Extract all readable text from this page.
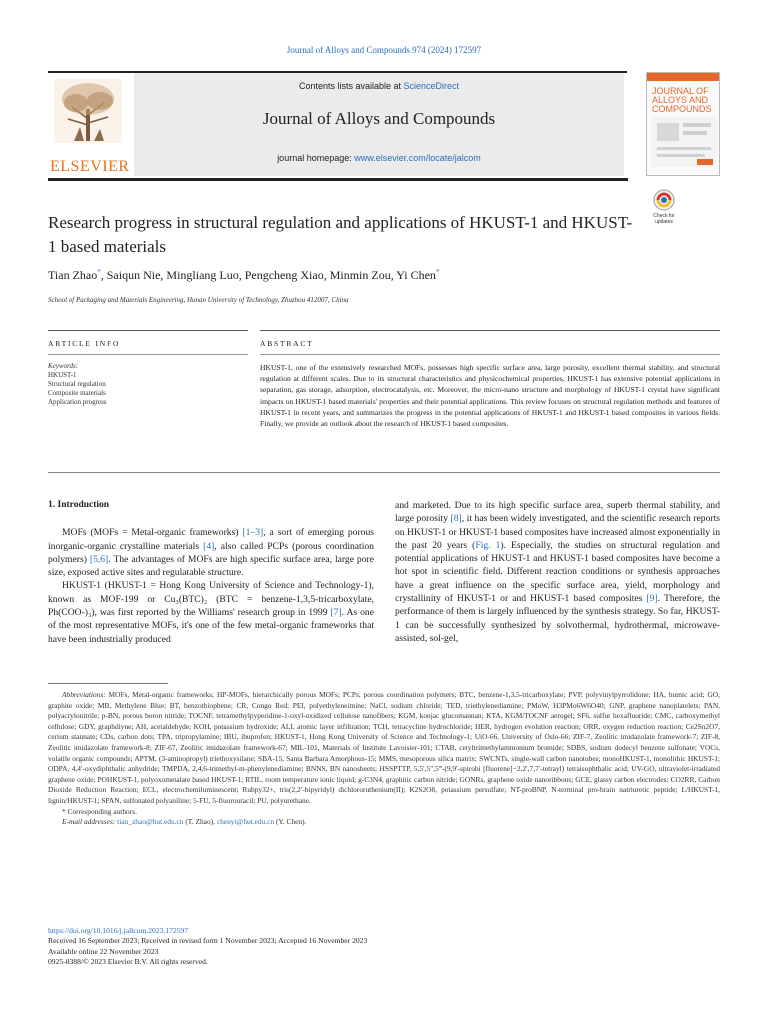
Journal of Alloys and Compounds 974 (2024) 172597
ELSEVIER
Contents lists available at ScienceDirect
Journal of Alloys and Compounds
journal homepage: www.elsevier.com/locate/jalcom
JOURNAL OF ALLOYS AND COMPOUNDS
Check for updates
Research progress in structural regulation and applications of HKUST-1 and HKUST-1 based materials
Tian Zhao*, Saiqun Nie, Mingliang Luo, Pengcheng Xiao, Minmin Zou, Yi Chen*
School of Packaging and Materials Engineering, Hunan University of Technology, Zhuzhou 412007, China
ARTICLE INFO	ABSTRACT
Keywords:
HKUST-1
Structural regulation
Composite materials
Application progress
HKUST-1, one of the extensively researched MOFs, possesses high specific surface area, large porosity, excellent thermal stability, and structural regulation at different scales. Due to its structural characteristics and physicochemical properties, HKUST-1 has extensive potential applications in separation, gas storage, adsorption, electrocatalysis, etc. Moreover, the micro-nano structure and morphology of HKUST-1 crystal have significant impacts on HKUST-1 based materials' properties and their potential applications. This review focuses on structural regulation methods and features of HKUST-1 in recent years, and summarizes the progress in the potential applications of HKUST-1 and HKUST-1 based composites in various fields. Finally, we provide an outlook about the research of HKUST-1 based composites.
1. Introduction

MOFs (MOFs = Metal-organic frameworks) [1–3], a sort of emerging porous inorganic-organic crystalline materials [4], also called PCPs (porous coordination polymers) [5,6]. The advantages of MOFs are high specific surface area, large pore size, exposed active sites and regulatable structure.

HKUST-1 (HKUST-1 = Hong Kong University of Science and Technology-1), known as MOF-199 or Cu₃(BTC)₂ (BTC = benzene-1,3,5-tricarboxylate, Ph(COO-)₃), was first reported by the Williams' research group in 1999 [7]. As one of the most representative MOFs, it's one of the few metal-organic frameworks that have been industrially produced

and marketed. Due to its high specific surface area, superb thermal stability, and large porosity [8], it has been widely investigated, and the scientific research reports on HKUST-1 or HKUST-1 based composites have increased almost exponentially in the past 20 years (Fig. 1). Especially, the studies on structural regulation and potential applications of HKUST-1 and HKUST-1 based composites have become a hot spot in scientific field. Different reaction conditions or synthesis approaches have a great influence on the specific surface area, yield, morphology and crystallinity of HKUST-1 or and HKUST-1 based composites [9]. Therefore, the performance of them is largely influenced by the synthesis strategy. So far, HKUST-1 can be successfully synthesized by solvothermal, hydrothermal, microwave-assisted, sol-gel,

Abbreviations: MOFs, Metal-organic frameworks; HP-MOFs, hierarchically porous MOFs; PCPs, porous coordination polymers; BTC, benzene-1,3,5-tricarboxylate; PVP, polyvinylpyrrolidone; HA, humic acid; GO, graphite oxide; MB, Methylene Blue; BT, benzothiophene; CR, Congo Red; PEI, polyethyleneimine; NaCl, sodium chloride; TED, triethylenediamine; PMoW, H3PMo6W6O40; GNP, graphene nanoplatelets; PAN, polyacrylonitrile; p-BN, porous boron nitride; TOCNF, tetramethylpyperidine-1-oxyl-oxidized cellulose nanofibers; KGM, konjac glucomannan; KTA, KGM/TOCNF aerogel; SF6, sulfur hexafluoride; CMC, carboxymethyl cellulose; GDY, graphdiyne; AH, acetaldehyde; KOH, potassium hydroxide; ALI, atomic layer infiltration; TCH, tetracycline hydrochloride; HER, hydrogen evolution reaction; ORR, oxygen reduction reaction; Ce2Sn2O7, cerium stannate; CDs, carbon dots; TPA, tripropylamine; IBU, ibuprofen; HKUST-1, Hong Kong University of Science and Technology-1; UiO-66, University of Oslo-66; ZIF-7, Zeolitic imidazolate framework-7; ZIF-8, Zeolitic imidazolate framework-8; ZIF-67, Zeolitic imidazolate framework-67; MIL-101, Materials of Institute Lavoisier-101; CTAB, cetyltrimethylammonium bromide; SDBS, sodium dodecyl benzene sulfonate; VOCs, volatile organic compounds; APTM, (3-aminopropyl) triethoxysilane; SBA-15, Santa Barbara Amorphous-15; MMS, mesoporous silica matrix; SWCNTs, single-wall carbon nanotubes; monoHKUST-1, monolithic HKUST-1; ODPA, 4,4′-oxydiphthalic anhydride; TMPDA, 2,4,6-trimethyl-m-phenylenediamine; BNNS, BN nanosheets; HSSPTTP, 5,5′,5″,5‴-(9,9′-spirobi [fluorene]−2,2′,7,7′-tetrayl) tetraisophthalic acid; UV-GO, ultraviolet-irradiated graphene oxide; POHKUST-1, polyoxometalate based HKUST-1; RTIL, room temperature ionic liquid; g-C3N4, graphitic carbon nitride; GONRs, graphene oxide nanoribbons; GCE, glassy carbon electrodes; CO2RR, Carbon Dioxide Reduction Reaction; ECL, electrochemiluminescent; Rubpy32+, tris(2,2′-bipyridyl) dichlororuthenium(II); K2S2O8, potassium persulfate; NT-proBNP, N-terminal pro-brain natriuretic peptide; L/HKUST-1, lignin/HKUST-1; SPAN, sulfonated polyaniline; 5-FU, 5-fluorouracil; PU, polyurethane.

* Corresponding authors.

E-mail addresses: tian_zhao@hut.edu.cn (T. Zhao), chenyi@hut.edu.cn (Y. Chen).

https://doi.org/10.1016/j.jallcom.2023.172597
Received 16 September 2023; Received in revised form 1 November 2023; Accepted 16 November 2023
Available online 22 November 2023
0925-8388/© 2023 Elsevier B.V. All rights reserved.
